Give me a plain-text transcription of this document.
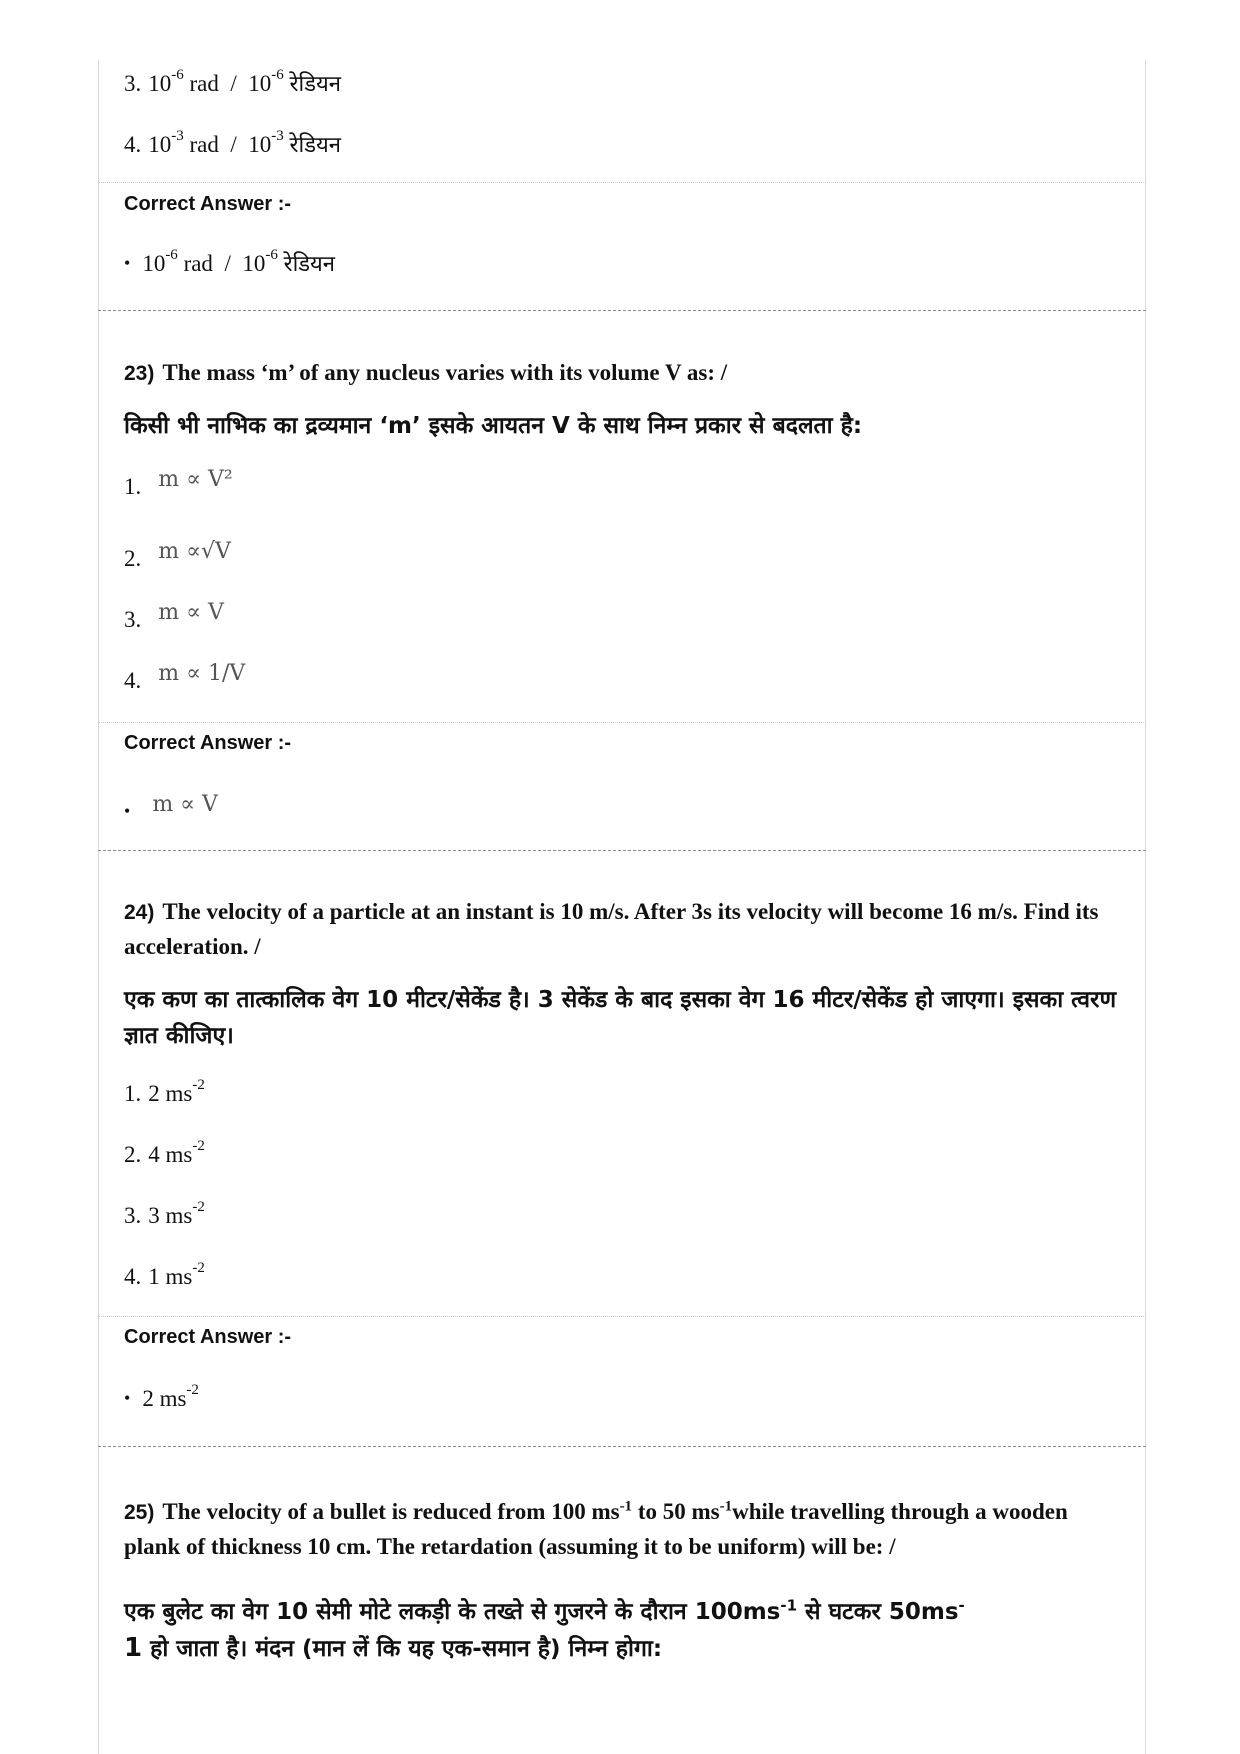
3. $10^{-6}$ rad / $10^{-6}$ रेडियन
4. $10^{-3}$ rad / $10^{-3}$ रेडियन
Correct Answer :-
• $10^{-6}$ rad / $10^{-6}$ रेडियन
23) The mass ‘m’ of any nucleus varies with its volume V as: /
किसी भी नाभिक का द्रव्यमान ‘m’ इसके आयतन V के साथ निम्न प्रकार से बदलता है:
1. m ∝ V²
2. m ∝√V
3. m ∝ V
4. m ∝ 1/V
Correct Answer :-
• m ∝ V
24) The velocity of a particle at an instant is 10 m/s. After 3s its velocity will become 16 m/s. Find its acceleration. /
एक कण का तात्कालिक वेग 10 मीटर/सेकेंड है। 3 सेकेंड के बाद इसका वेग 16 मीटर/सेकेंड हो जाएगा। इसका त्वरण ज्ञात कीजिए।
1. 2 $ms^{-2}$
2. 4 $ms^{-2}$
3. 3 $ms^{-2}$
4. 1 $ms^{-2}$
Correct Answer :-
• 2 $ms^{-2}$
25) The velocity of a bullet is reduced from 100 $ms^{-1}$ to 50 $ms^{-1}while$ travelling through a wooden plank of thickness 10 cm. The retardation (assuming it to be uniform) will be: /
एक बुलेट का वेग 10 सेमी मोटे लकड़ी के तख्ते से गुजरने के दौरान $100ms^{-1}$ से घटकर 50ms-
1 हो जाता है। मंदन (मान लें कि यह एक-समान है) निम्न होगा:
